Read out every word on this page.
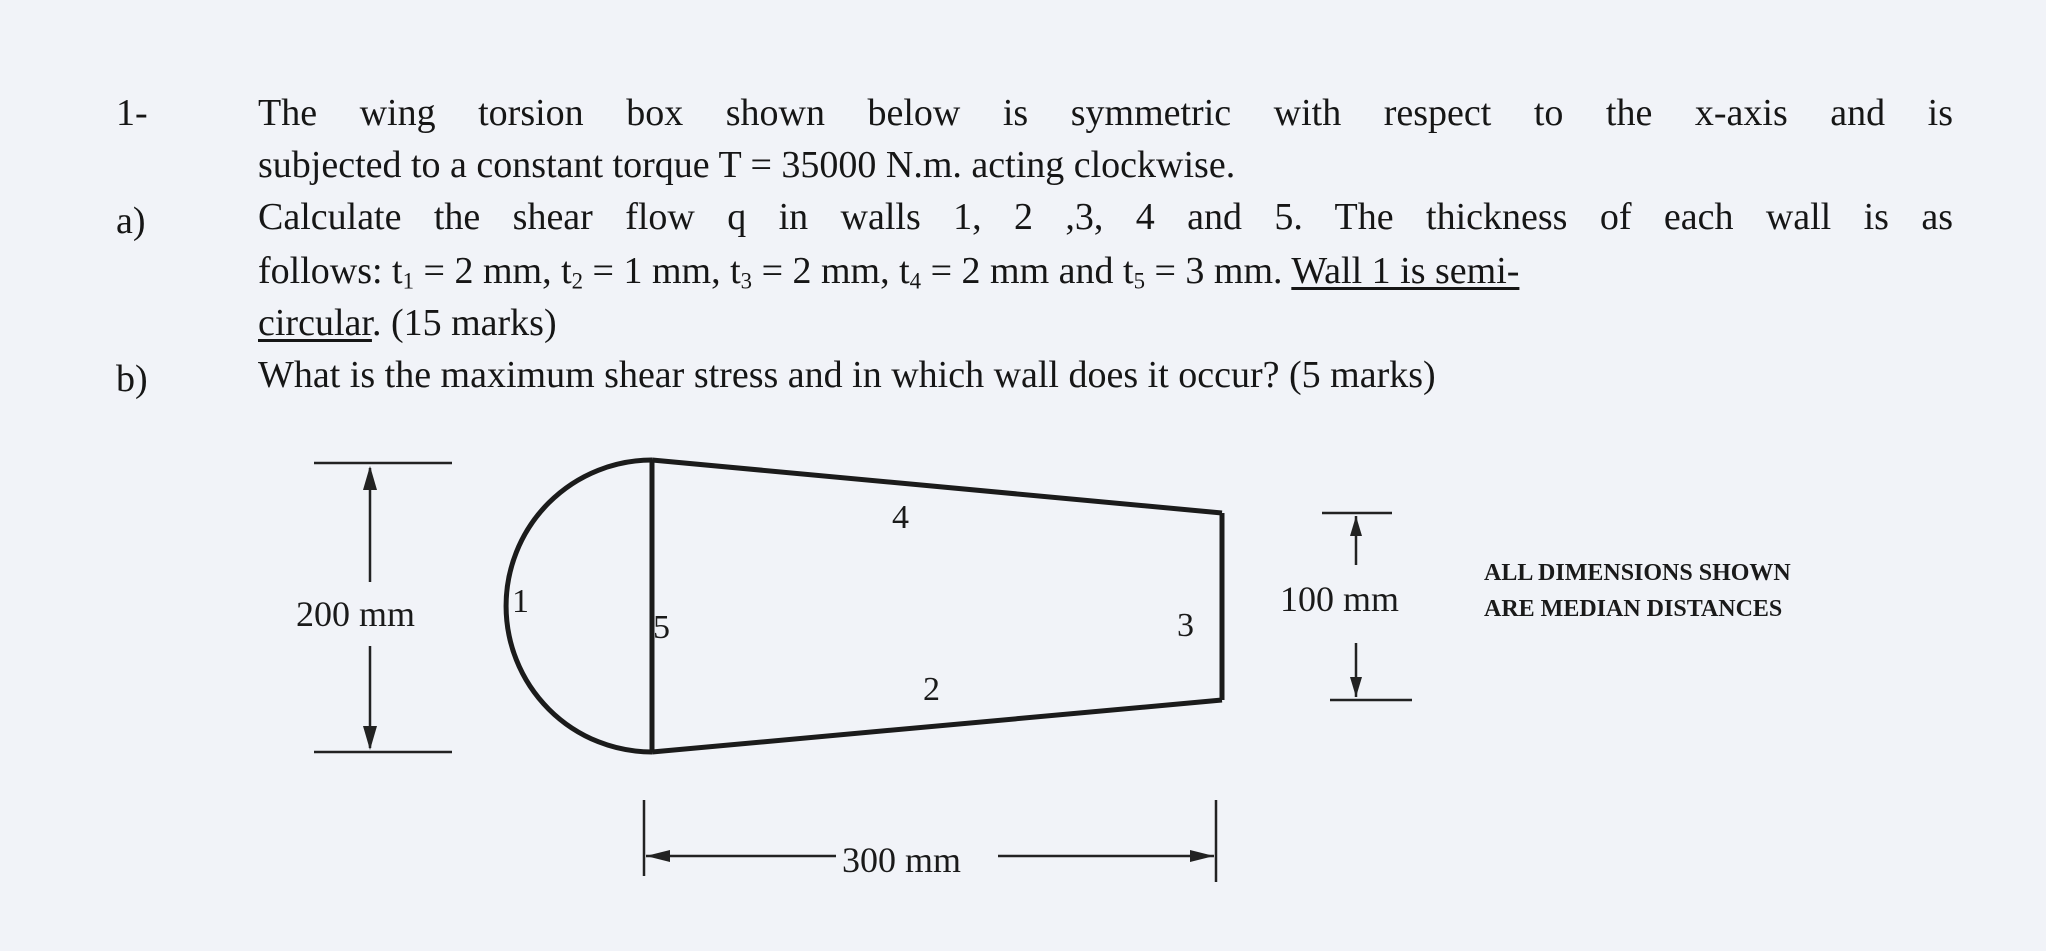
1-	The wing torsion box shown below is symmetric with respect to the x-axis and is
subjected to a constant torque T = 35000 N.m. acting clockwise.
a)	Calculate the shear flow q in walls 1, 2 ,3, 4 and 5. The thickness of each wall is as
follows: $t_1 = 2$ mm, $t_2 = 1$ mm, $t_3 = 2$ mm, $t_4 = 2$ mm and $t_5 = 3$ mm. Wall 1 is semi-
circular. (15 marks)
b)	What is the maximum shear stress and in which wall does it occur? (5 marks)
1
5
4
2
3
200 mm	100 mm
300 mm
ALL DIMENSIONS SHOWN
ARE MEDIAN DISTANCES
